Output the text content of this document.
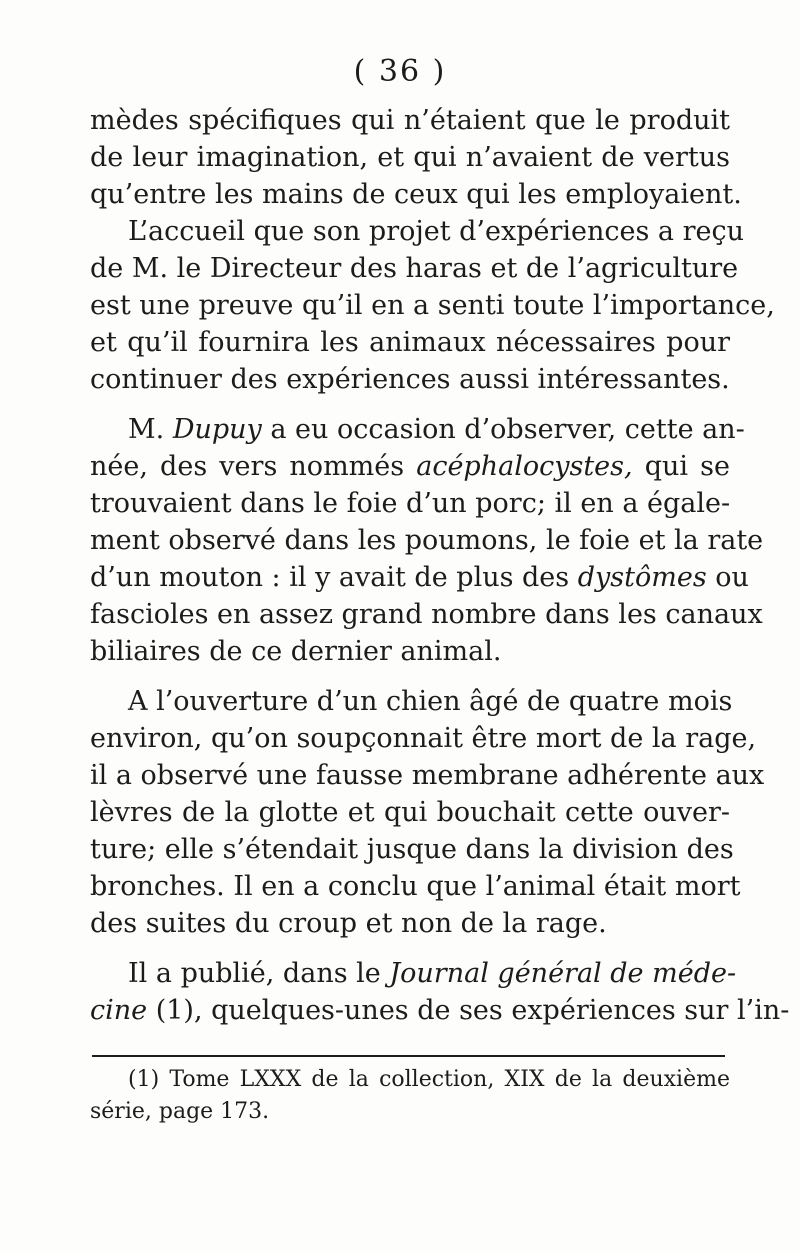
( 36 )
mèdes spécifiques qui n’étaient que le produit
de leur imagination, et qui n’avaient de vertus
qu’entre les mains de ceux qui les employaient.
L’accueil que son projet d’expériences a reçu
de M. le Directeur des haras et de l’agriculture
est une preuve qu’il en a senti toute l’importance,
et qu’il fournira les animaux nécessaires pour
continuer des expériences aussi intéressantes.
M. Dupuy a eu occasion d’observer, cette an-
née, des vers nommés acéphalocystes, qui se
trouvaient dans le foie d’un porc; il en a égale-
ment observé dans les poumons, le foie et la rate
d’un mouton : il y avait de plus des dystômes ou
fascioles en assez grand nombre dans les canaux
biliaires de ce dernier animal.
A l’ouverture d’un chien âgé de quatre mois
environ, qu’on soupçonnait être mort de la rage,
il a observé une fausse membrane adhérente aux
lèvres de la glotte et qui bouchait cette ouver-
ture; elle s’étendait jusque dans la division des
bronches. Il en a conclu que l’animal était mort
des suites du croup et non de la rage.
Il a publié, dans le Journal général de méde-
cine (1), quelques-unes de ses expériences sur l’in-
(1) Tome LXXX de la collection, XIX de la deuxième
série, page 173.
